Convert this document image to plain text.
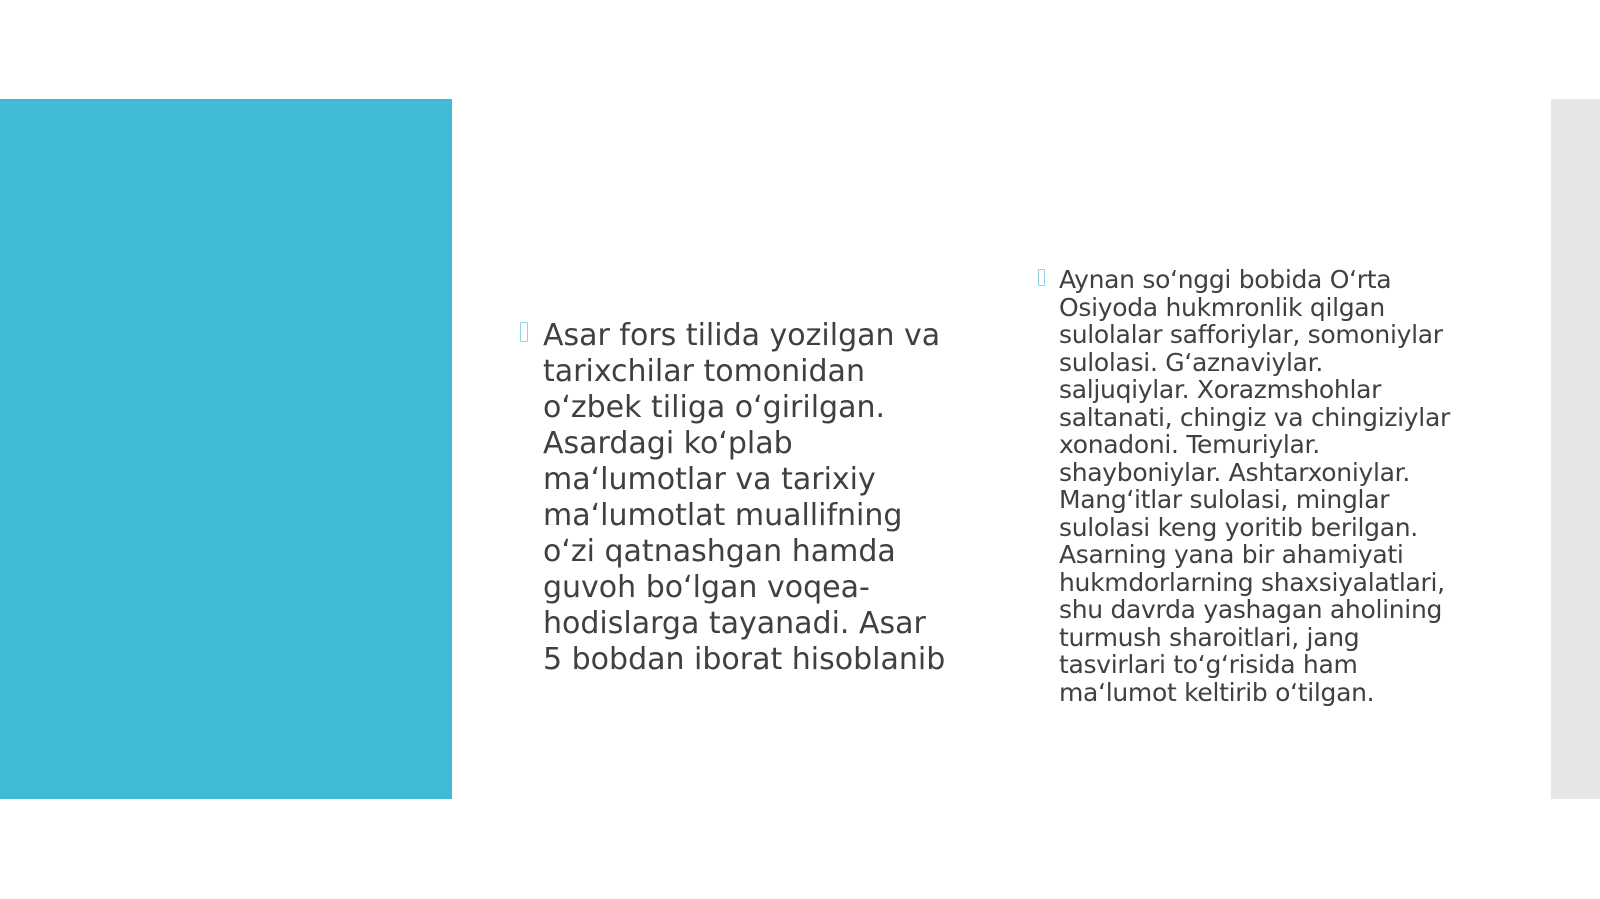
Asar fors tilida yozilgan va tarixchilar tomonidan oʻzbek tiliga oʻgirilgan. Asardagi koʻplab maʻlumotlar va tarixiy maʻlumotlat muallifning oʻzi qatnashgan hamda guvoh boʻlgan voqea-hodislarga tayanadi. Asar 5 bobdan iborat hisoblanib
Aynan soʻnggi bobida Oʻrta Osiyoda hukmronlik qilgan sulolalar safforiylar, somoniylar sulolasi. Gʻaznaviylar. saljuqiylar. Xorazmshohlar saltanati, chingiz va chingiziylar xonadoni. Temuriylar. shayboniylar. Ashtarxoniylar. Mangʻitlar sulolasi, minglar sulolasi keng yoritib berilgan. Asarning yana bir ahamiyati hukmdorlarning shaxsiyalatlari, shu davrda yashagan aholining turmush sharoitlari, jang tasvirlari toʻgʻrisida ham maʻlumot keltirib oʻtilgan.
